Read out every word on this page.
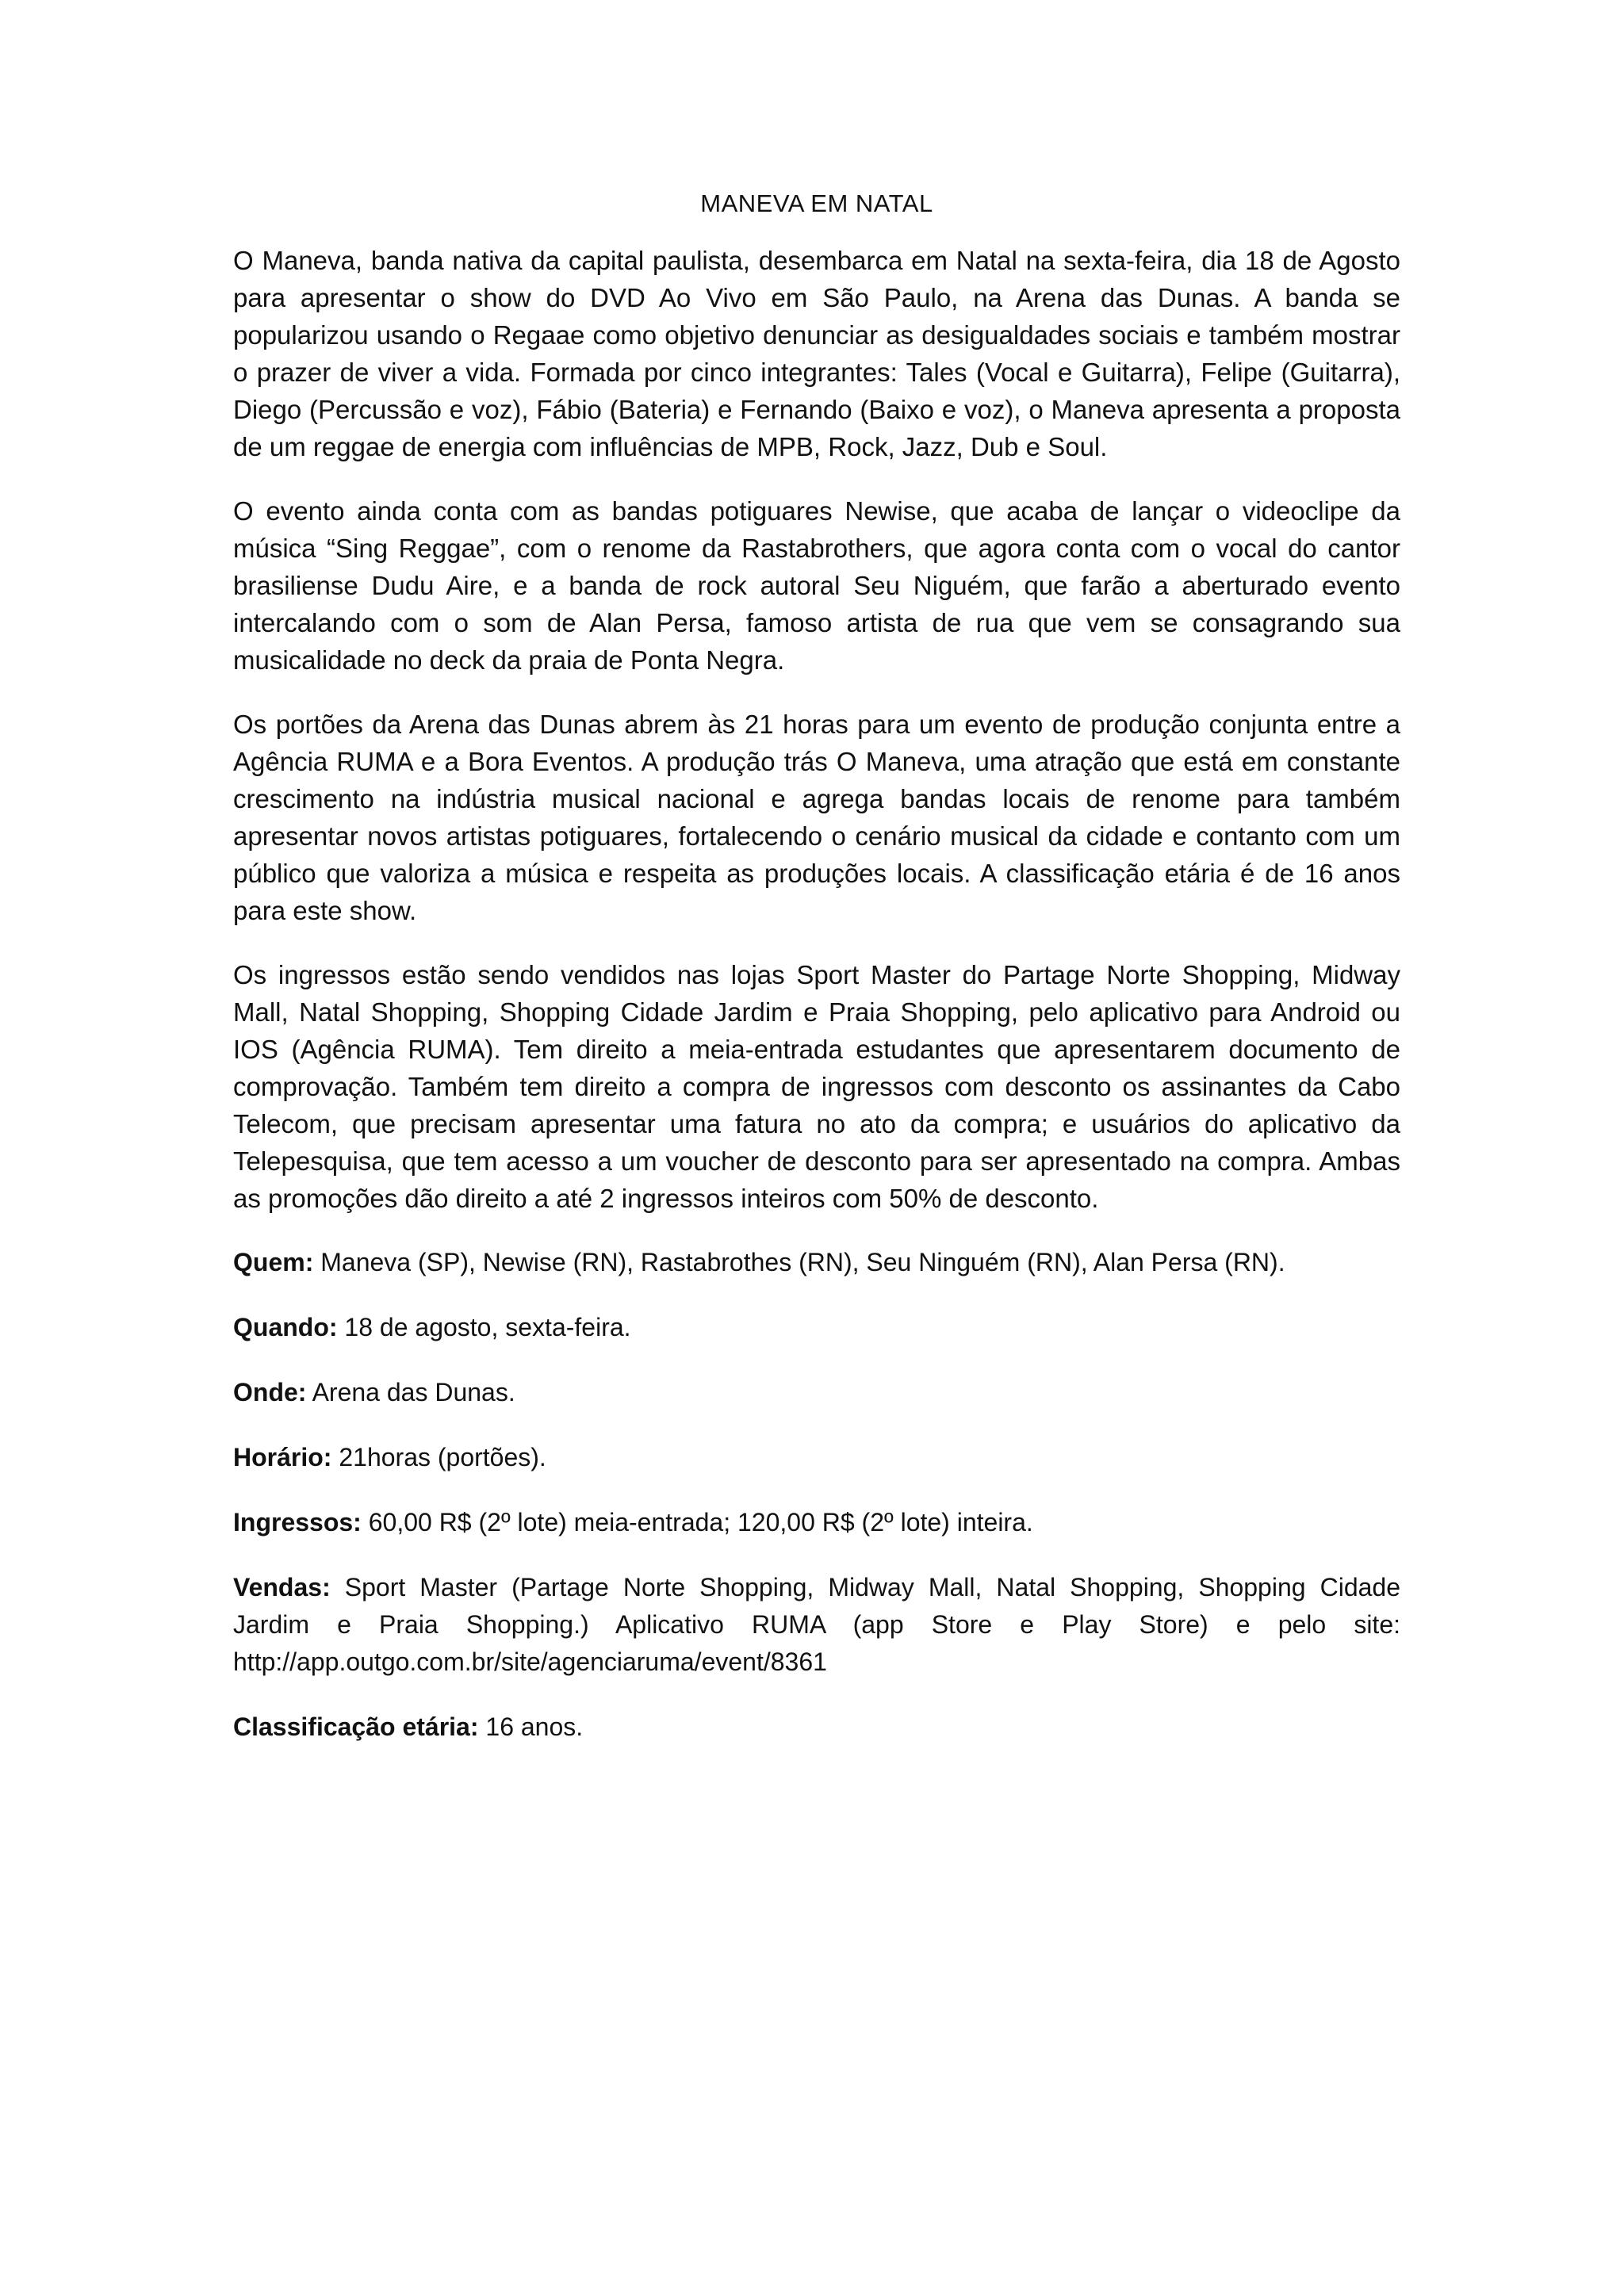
MANEVA EM NATAL

O Maneva, banda nativa da capital paulista, desembarca em Natal na sexta-feira, dia 18 de Agosto para apresentar o show do DVD Ao Vivo em São Paulo, na Arena das Dunas. A banda se popularizou usando o Regaae como objetivo denunciar as desigualdades sociais e também mostrar o prazer de viver a vida. Formada por cinco integrantes: Tales (Vocal e Guitarra), Felipe (Guitarra), Diego (Percussão e voz), Fábio (Bateria) e Fernando (Baixo e voz), o Maneva apresenta a proposta de um reggae de energia com influências de MPB, Rock, Jazz, Dub e Soul.

O evento ainda conta com as bandas potiguares Newise, que acaba de lançar o videoclipe da música “Sing Reggae”, com o renome da Rastabrothers, que agora conta com o vocal do cantor brasiliense Dudu Aire, e a banda de rock autoral Seu Niguém, que farão a aberturado evento intercalando com o som de Alan Persa, famoso artista de rua que vem se consagrando sua musicalidade no deck da praia de Ponta Negra.

Os portões da Arena das Dunas abrem às 21 horas para um evento de produção conjunta entre a Agência RUMA e a Bora Eventos. A produção trás O Maneva, uma atração que está em constante crescimento na indústria musical nacional e agrega bandas locais de renome para também apresentar novos artistas potiguares, fortalecendo o cenário musical da cidade e contanto com um público que valoriza a música e respeita as produções locais. A classificação etária é de 16 anos para este show.

Os ingressos estão sendo vendidos nas lojas Sport Master do Partage Norte Shopping, Midway Mall, Natal Shopping, Shopping Cidade Jardim e Praia Shopping, pelo aplicativo para Android ou IOS (Agência RUMA). Tem direito a meia-entrada estudantes que apresentarem documento de comprovação. Também tem direito a compra de ingressos com desconto os assinantes da Cabo Telecom, que precisam apresentar uma fatura no ato da compra; e usuários do aplicativo da Telepesquisa, que tem acesso a um voucher de desconto para ser apresentado na compra. Ambas as promoções dão direito a até 2 ingressos inteiros com 50% de desconto.

Quem: Maneva (SP), Newise (RN), Rastabrothes (RN), Seu Ninguém (RN), Alan Persa (RN).

Quando: 18 de agosto, sexta-feira.

Onde: Arena das Dunas.

Horário: 21horas (portões).

Ingressos: 60,00 R$ (2º lote) meia-entrada; 120,00 R$ (2º lote) inteira.

Vendas: Sport Master (Partage Norte Shopping, Midway Mall, Natal Shopping, Shopping Cidade Jardim e Praia Shopping.) Aplicativo RUMA (app Store e Play Store) e pelo site: http://app.outgo.com.br/site/agenciaruma/event/8361

Classificação etária: 16 anos.
